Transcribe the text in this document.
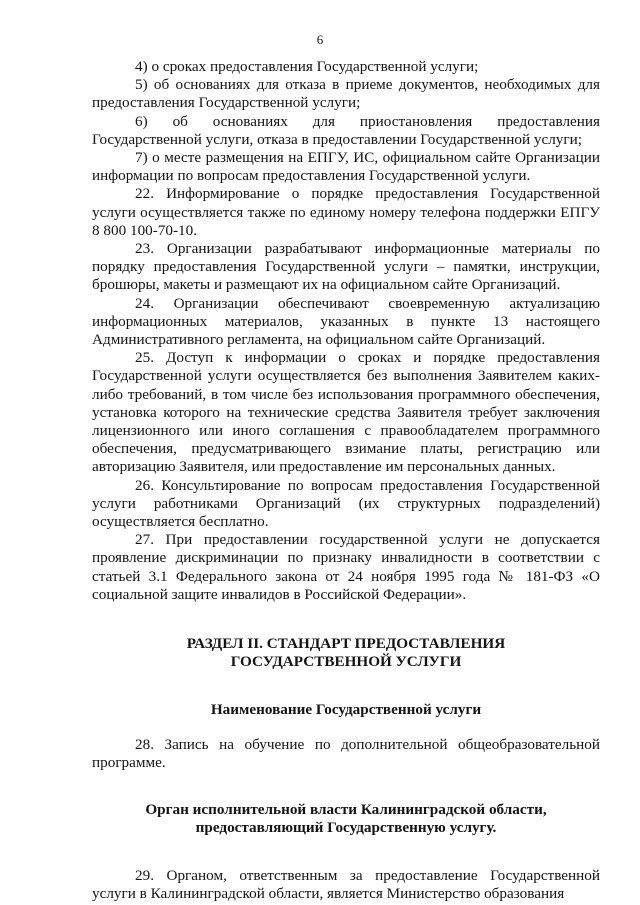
6

4) о сроках предоставления Государственной услуги;

5) об основаниях для отказа в приеме документов, необходимых для предоставления Государственной услуги;

6) об основаниях для приостановления предоставления Государственной услуги, отказа в предоставлении Государственной услуги;

7) о месте размещения на ЕПГУ, ИС, официальном сайте Организации информации по вопросам предоставления Государственной услуги.

22. Информирование о порядке предоставления Государственной услуги осуществляется также по единому номеру телефона поддержки ЕПГУ 8 800 100-70-10.

23. Организации разрабатывают информационные материалы по порядку предоставления Государственной услуги – памятки, инструкции, брошюры, макеты и размещают их на официальном сайте Организаций.

24. Организации обеспечивают своевременную актуализацию информационных материалов, указанных в пункте 13 настоящего Административного регламента, на официальном сайте Организаций.

25. Доступ к информации о сроках и порядке предоставления Государственной услуги осуществляется без выполнения Заявителем каких-либо требований, в том числе без использования программного обеспечения, установка которого на технические средства Заявителя требует заключения лицензионного или иного соглашения с правообладателем программного обеспечения, предусматривающего взимание платы, регистрацию или авторизацию Заявителя, или предоставление им персональных данных.

26. Консультирование по вопросам предоставления Государственной услуги работниками Организаций (их структурных подразделений) осуществляется бесплатно.

27. При предоставлении государственной услуги не допускается проявление дискриминации по признаку инвалидности в соответствии с статьей 3.1 Федерального закона от 24 ноября 1995 года № 181-ФЗ «О социальной защите инвалидов в Российской Федерации».

РАЗДЕЛ II. СТАНДАРТ ПРЕДОСТАВЛЕНИЯ
ГОСУДАРСТВЕННОЙ УСЛУГИ
Наименование Государственной услуги

28. Запись на обучение по дополнительной общеобразовательной программе.

Орган исполнительной власти Калининградской области,
предоставляющий Государственную услугу.

29. Органом, ответственным за предоставление Государственной услуги в Калининградской области, является Министерство образования
